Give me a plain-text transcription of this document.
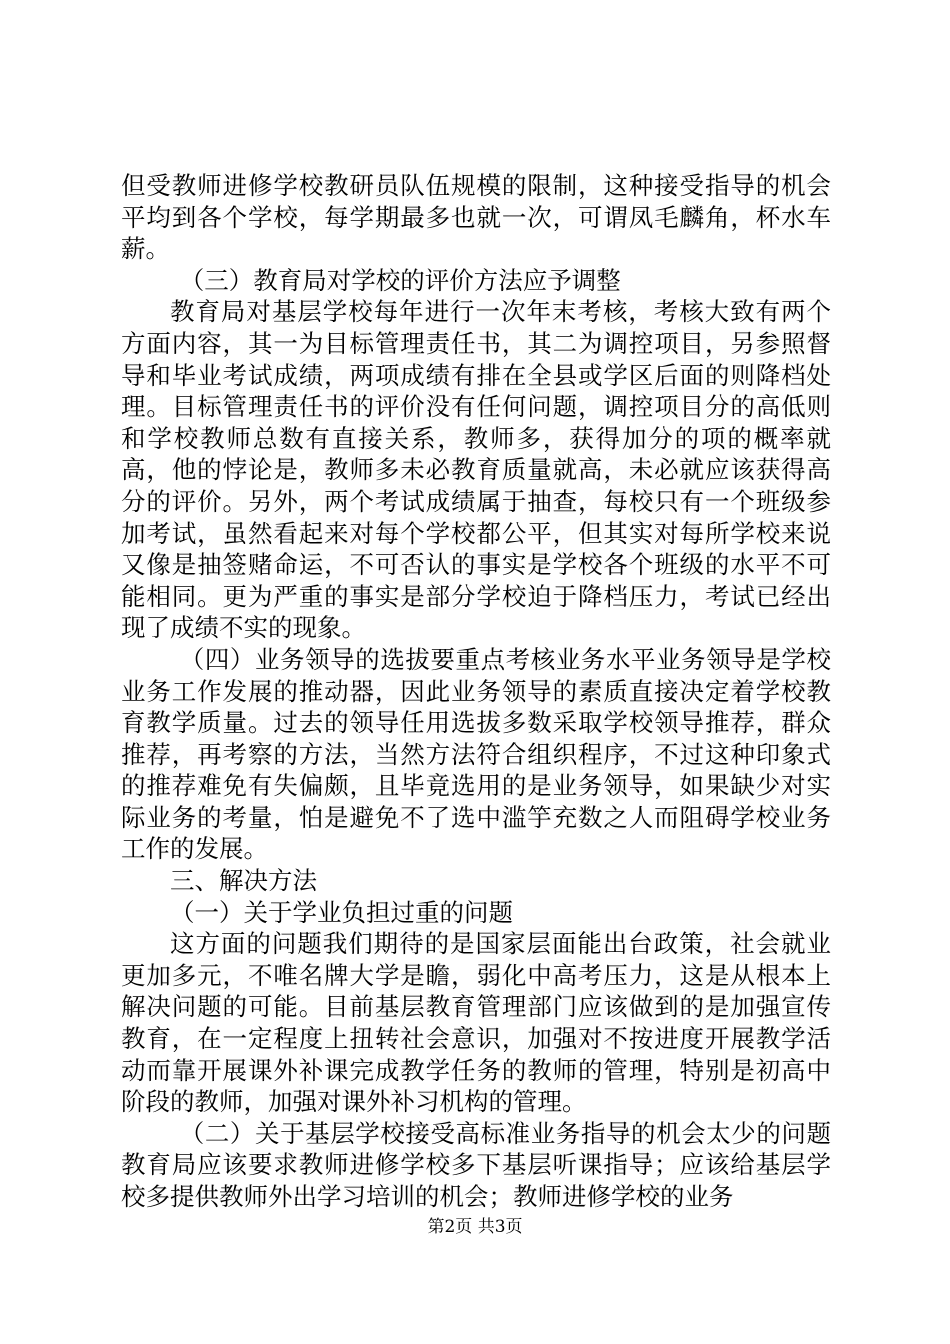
但受教师进修学校教研员队伍规模的限制，这种接受指导的机会平均到各个学校，每学期最多也就一次，可谓凤毛麟角，杯水车薪。

（三）教育局对学校的评价方法应予调整

教育局对基层学校每年进行一次年末考核，考核大致有两个方面内容，其一为目标管理责任书，其二为调控项目，另参照督导和毕业考试成绩，两项成绩有排在全县或学区后面的则降档处理。目标管理责任书的评价没有任何问题，调控项目分的高低则和学校教师总数有直接关系，教师多，获得加分的项的概率就高，他的悖论是，教师多未必教育质量就高，未必就应该获得高分的评价。另外，两个考试成绩属于抽查，每校只有一个班级参加考试，虽然看起来对每个学校都公平，但其实对每所学校来说又像是抽签赌命运，不可否认的事实是学校各个班级的水平不可能相同。更为严重的事实是部分学校迫于降档压力，考试已经出现了成绩不实的现象。

（四）业务领导的选拔要重点考核业务水平业务领导是学校业务工作发展的推动器，因此业务领导的素质直接决定着学校教育教学质量。过去的领导任用选拔多数采取学校领导推荐，群众推荐，再考察的方法，当然方法符合组织程序，不过这种印象式的推荐难免有失偏颇，且毕竟选用的是业务领导，如果缺少对实际业务的考量，怕是避免不了选中滥竽充数之人而阻碍学校业务工作的发展。

三、解决方法

（一）关于学业负担过重的问题

这方面的问题我们期待的是国家层面能出台政策，社会就业更加多元，不唯名牌大学是瞻，弱化中高考压力，这是从根本上解决问题的可能。目前基层教育管理部门应该做到的是加强宣传教育，在一定程度上扭转社会意识，加强对不按进度开展教学活动而靠开展课外补课完成教学任务的教师的管理，特别是初高中阶段的教师，加强对课外补习机构的管理。

（二）关于基层学校接受高标准业务指导的机会太少的问题教育局应该要求教师进修学校多下基层听课指导；应该给基层学校多提供教师外出学习培训的机会；教师进修学校的业务

第2页 共3页
